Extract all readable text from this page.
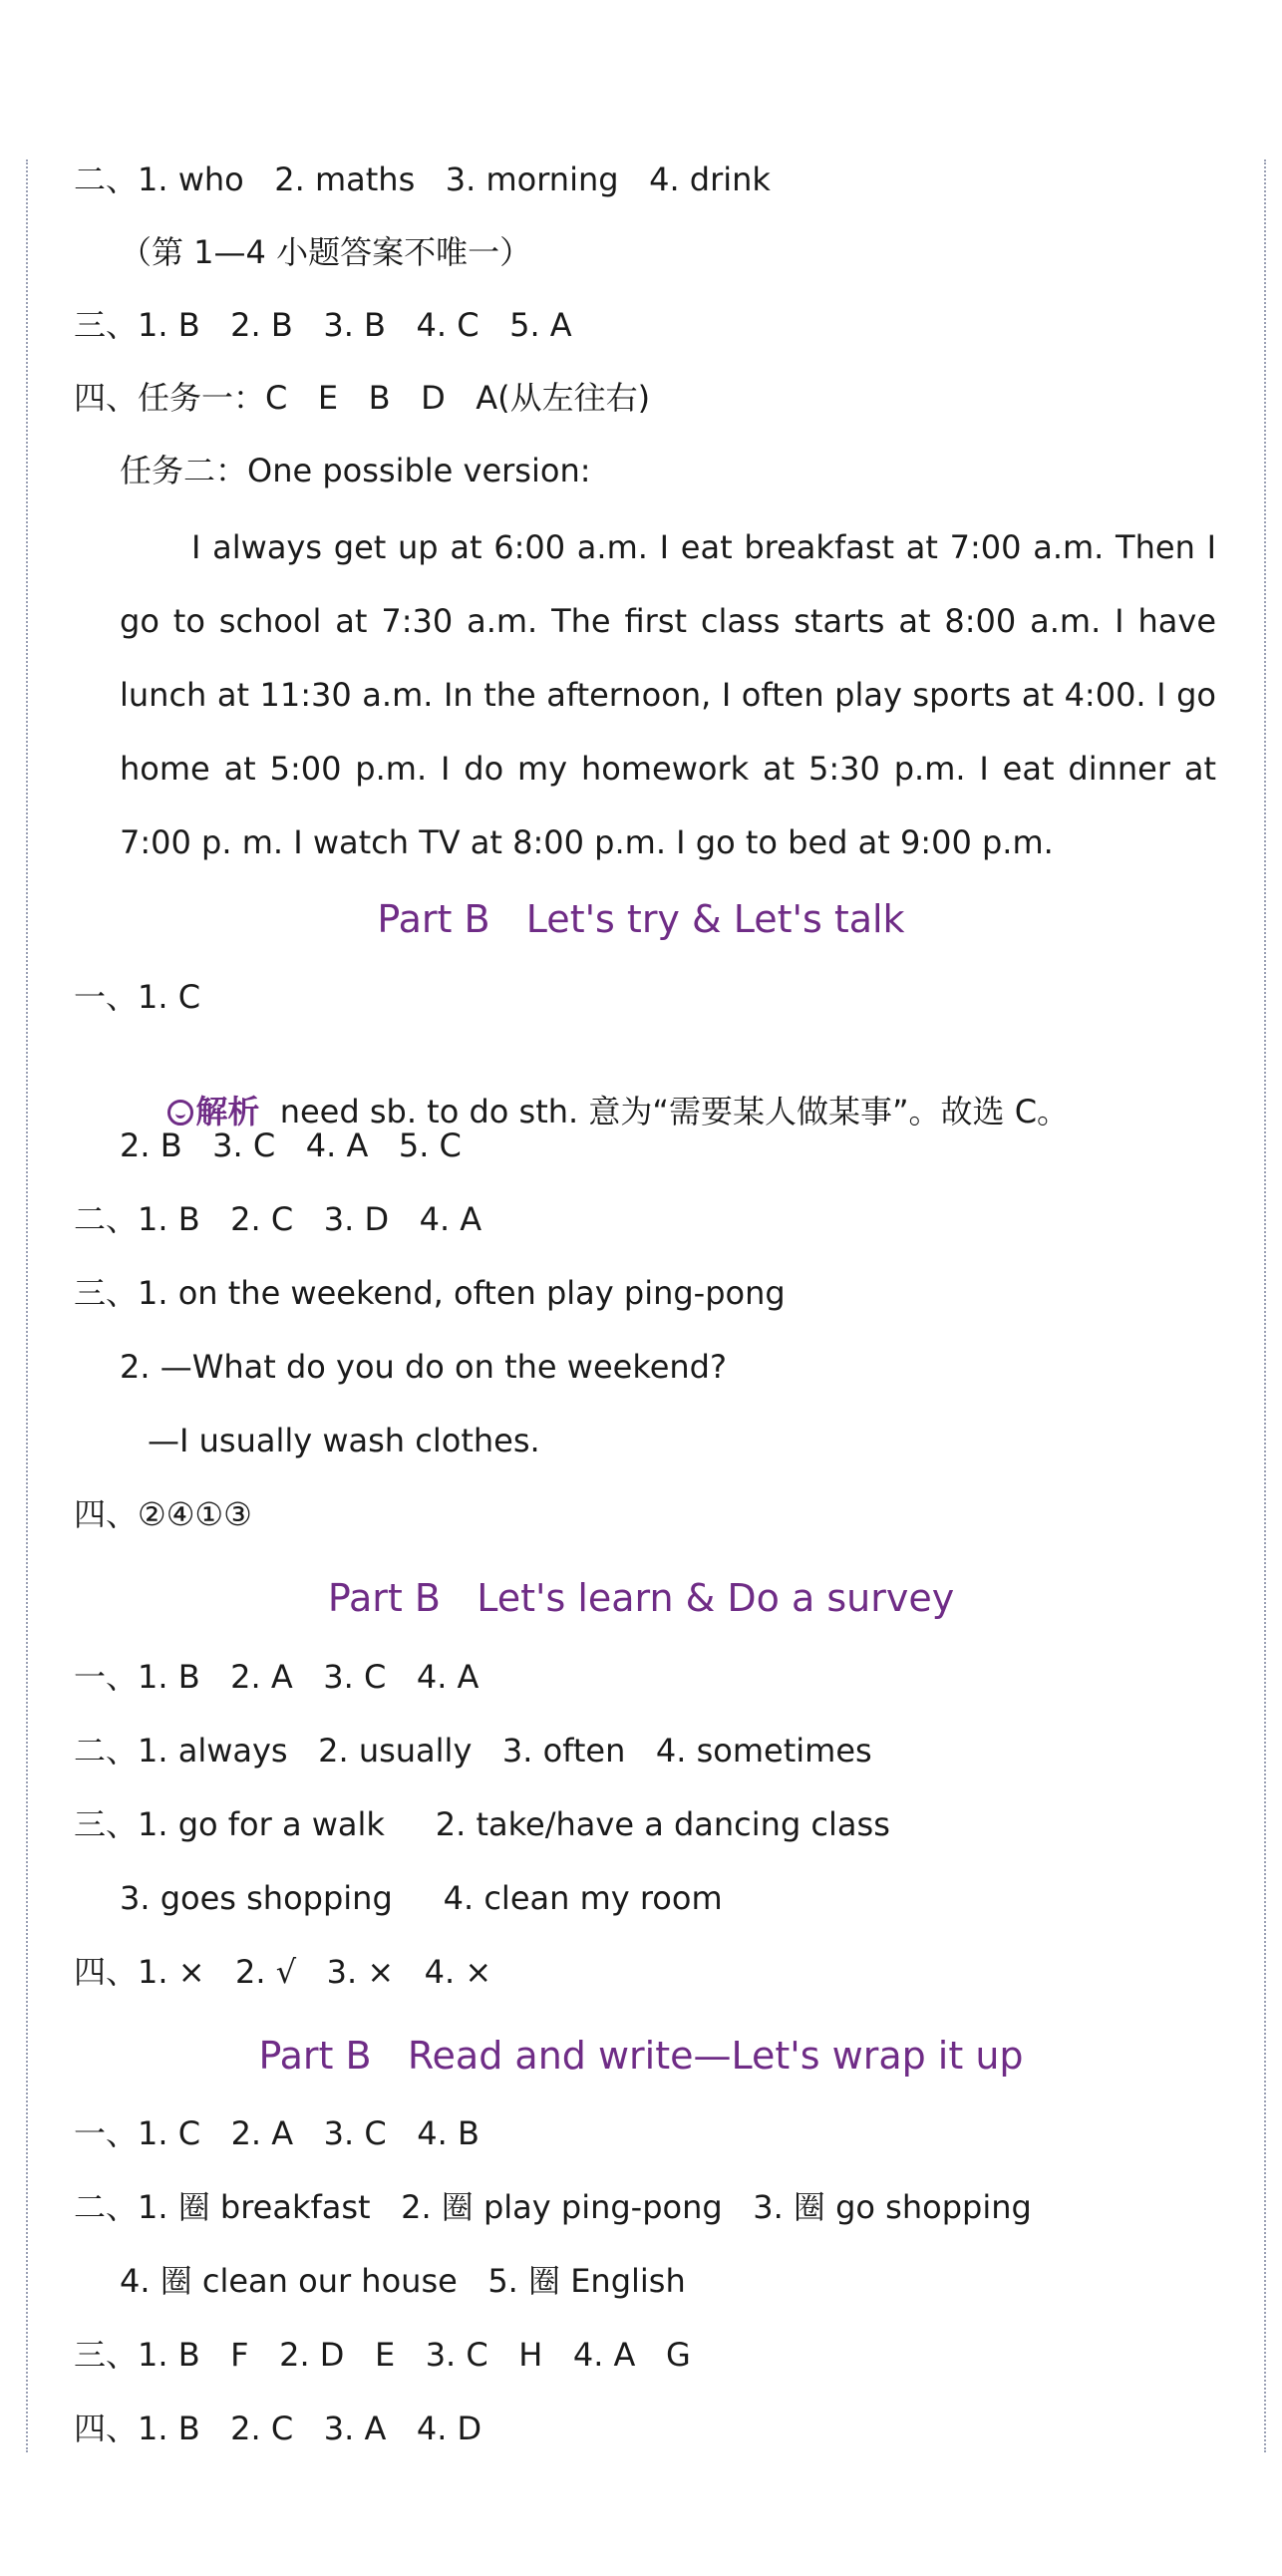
二、1. who   2. maths   3. morning   4. drink
（第 1—4 小题答案不唯一）
三、1. B   2. B   3. B   4. C   5. A
四、任务一：C   E   B   D   A(从左往右)
任务二：One possible version:
I always get up at 6:00 a.m. I eat breakfast at 7:00 a.m. Then I go to school at 7:30 a.m. The first class starts at 8:00 a.m. I have lunch at 11:30 a.m. In the afternoon, I often play sports at 4:00. I go home at 5:00 p.m. I do my homework at 5:30 p.m. I eat dinner at 7:00 p. m. I watch TV at 8:00 p.m. I go to bed at 9:00 p.m.
Part B   Let's try & Let's talk
一、1. C

解析 need sb. to do sth. 意为“需要某人做某事”。故选 C。

2. B   3. C   4. A   5. C
二、1. B   2. C   3. D   4. A
三、1. on the weekend, often play ping-pong
2. —What do you do on the weekend?
—I usually wash clothes.
四、②④①③
Part B   Let's learn & Do a survey
一、1. B   2. A   3. C   4. A
二、1. always   2. usually   3. often   4. sometimes
三、1. go for a walk     2. take/have a dancing class
3. goes shopping     4. clean my room
四、1. ×   2. √   3. ×   4. ×
Part B   Read and write—Let's wrap it up
一、1. C   2. A   3. C   4. B
二、1. 圈 breakfast   2. 圈 play ping-pong   3. 圈 go shopping
4. 圈 clean our house   5. 圈 English
三、1. B   F   2. D   E   3. C   H   4. A   G
四、1. B   2. C   3. A   4. D
